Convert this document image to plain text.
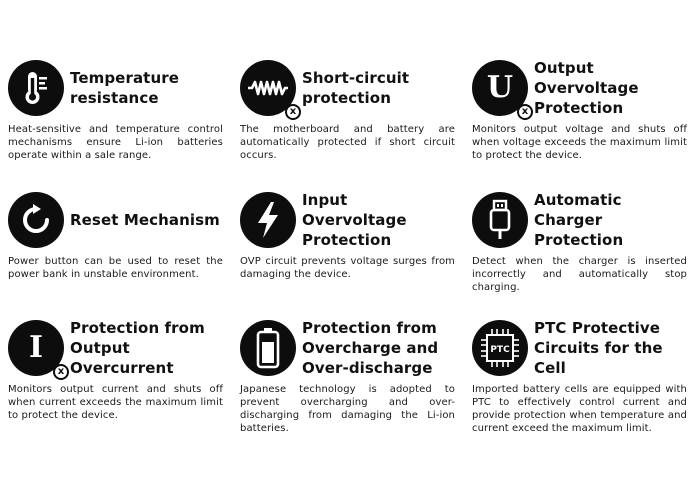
Temperature resistance
Heat-sensitive and temperature control mechanisms ensure Li-ion batteries operate within a sale range.
x
Short-circuit protection
The motherboard and battery are automatically protected if short circuit occurs.
U
x
Output Overvoltage Protection
Monitors output voltage and shuts off when voltage exceeds the maximum limit to protect the device.
Reset Mechanism
Power button can be used to reset the power bank in unstable environment.
Input Overvoltage Protection
OVP circuit prevents voltage surges from damaging the device.
Automatic Charger Protection
Detect when the charger is inserted incorrectly and automatically stop charging.
I
x
Protection from Output Overcurrent
Monitors output current and shuts off when current exceeds the maximum limit to protect the device.
Protection from Overcharge and Over-discharge
Japanese technology is adopted to prevent overcharging and over-discharging from damaging the Li-ion batteries.
PTC
PTC Protective Circuits for the Cell
Imported battery cells are equipped with PTC to effectively control current and provide protection when temperature and current exceed the maximum limit.
